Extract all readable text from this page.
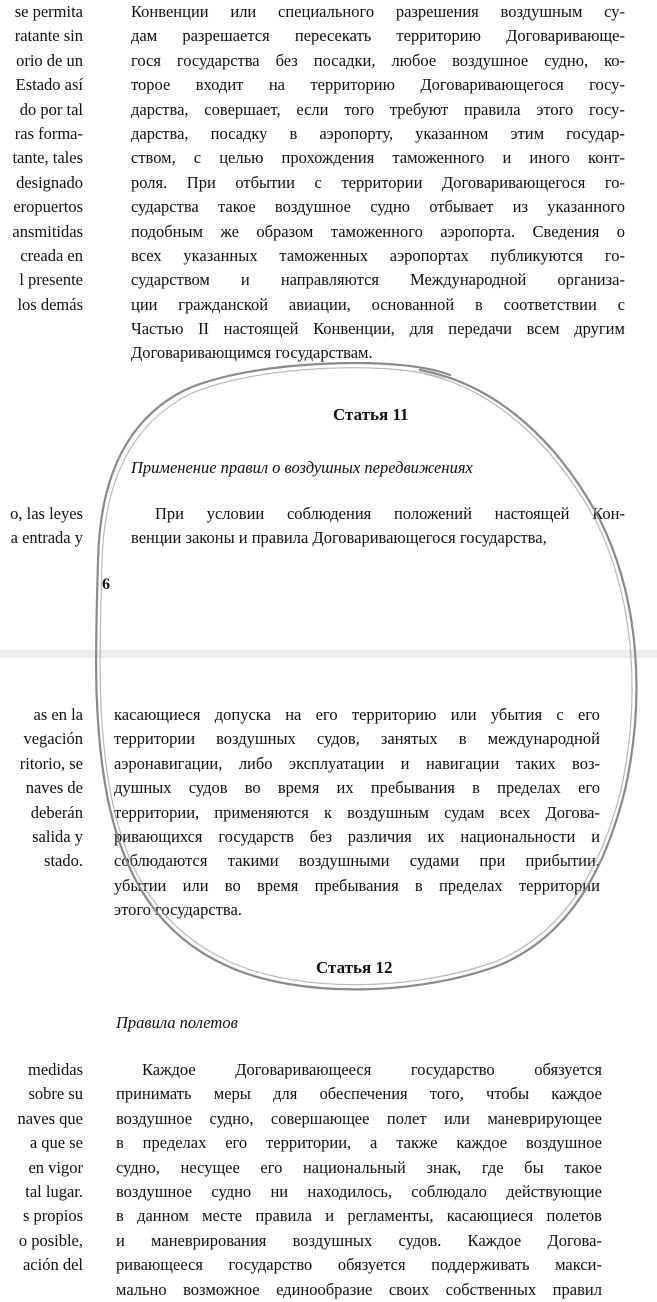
se permita
ratante sin
orio de un
Estado así
do por tal
ras forma-
tante, tales
designado
eropuertos
ansmitidas
creada en
l presente
los demás
o, las leyes
a entrada y
Конвенции или специального разрешения воздушным су-
дам разрешается пересекать территорию Договаривающе-
гося государства без посадки, любое воздушное судно, ко-
торое входит на территорию Договаривающегося госу-
дарства, совершает, если того требуют правила этого госу-
дарства, посадку в аэропорту, указанном этим государ-
ством, с целью прохождения таможенного и иного конт-
роля. При отбытии с территории Договаривающегося го-
сударства такое воздушное судно отбывает из указанного
подобным же образом таможенного аэропорта. Сведения о
всех указанных таможенных аэропортах публикуются го-
сударством и направляются Международной организа-
ции гражданской авиации, основанной в соответствии с
Частью II настоящей Конвенции, для передачи всем другим
Договаривающимся государствам.
Статья 11
Применение правил о воздушных передвижениях
При условии соблюдения положений настоящей Кон-
венции законы и правила Договаривающегося государства,
6
as en la
vegación
ritorio, se
naves de
deberán
salida y
stado.
medidas
sobre su
naves que
a que se
en vigor
tal lugar.
s propios
o posible,
ación del
касающиеся допуска на его территорию или убытия с его
территории воздушных судов, занятых в международной
аэронавигации, либо эксплуатации и навигации таких воз-
душных судов во время их пребывания в пределах его
территории, применяются к воздушным судам всех Догова-
ривающихся государств без различия их национальности и
соблюдаются такими воздушными судами при прибытии,
убытии или во время пребывания в пределах территории
этого государства.
Статья 12
Правила полетов
Каждое Договаривающееся государство обязуется
принимать меры для обеспечения того, чтобы каждое
воздушное судно, совершающее полет или маневрирующее
в пределах его территории, а также каждое воздушное
судно, несущее его национальный знак, где бы такое
воздушное судно ни находилось, соблюдало действующие
в данном месте правила и регламенты, касающиеся полетов
и маневрирования воздушных судов. Каждое Догова-
ривающееся государство обязуется поддерживать макси-
мально возможное единообразие своих собственных правил
